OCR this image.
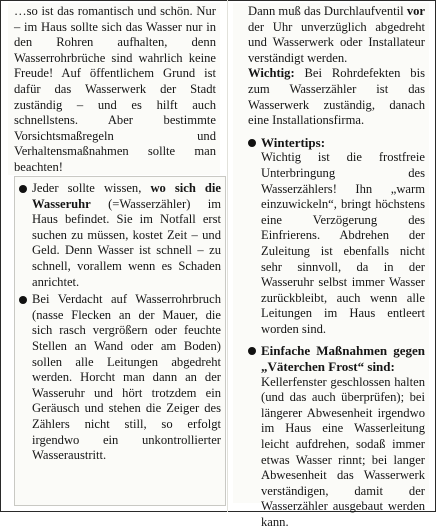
…so ist das romantisch und schön. Nur – im Haus sollte sich das Wasser nur in den Rohren aufhalten, denn Wasserrohrbrüche sind wahrlich keine Freude! Auf öffentlichem Grund ist dafür das Wasserwerk der Stadt zuständig – und es hilft auch schnellstens. Aber bestimmte Vorsichtsmaßregeln und Verhaltensmaßnahmen sollte man beachten!

Jeder sollte wissen, wo sich die Wasseruhr (=Wasserzähler) im Haus befindet. Sie im Notfall erst suchen zu müssen, kostet Zeit – und Geld. Denn Wasser ist schnell – zu schnell, vorallem wenn es Schaden anrichtet.

Bei Verdacht auf Wasserrohrbruch (nasse Flecken an der Mauer, die sich rasch vergrößern oder feuchte Stellen an Wand oder am Boden) sollen alle Leitungen abgedreht werden. Horcht man dann an der Wasseruhr und hört trotzdem ein Geräusch und stehen die Zeiger des Zählers nicht still, so erfolgt irgendwo ein unkontrollierter Wasseraustritt.

Dann muß das Durchlaufventil vor der Uhr unverzüglich abgedreht und Wasserwerk oder Installateur verständigt werden.

Wichtig: Bei Rohrdefekten bis zum Wasserzähler ist das Wasserwerk zuständig, danach eine Installationsfirma.

Wintertips:

Wichtig ist die frostfreie Unterbringung des Wasserzählers! Ihn „warm einzuwickeln“, bringt höchstens eine Verzögerung des Einfrierens. Abdrehen der Zuleitung ist ebenfalls nicht sehr sinnvoll, da in der Wasseruhr selbst immer Wasser zurückbleibt, auch wenn alle Leitungen im Haus entleert worden sind.

Einfache Maßnahmen gegen „Väterchen Frost“ sind:

Kellerfenster geschlossen halten (und das auch überprüfen); bei längerer Abwesenheit irgendwo im Haus eine Wasserleitung leicht aufdrehen, sodaß immer etwas Wasser rinnt; bei langer Abwesenheit das Wasserwerk verständigen, damit der Wasserzähler ausgebaut werden kann.
